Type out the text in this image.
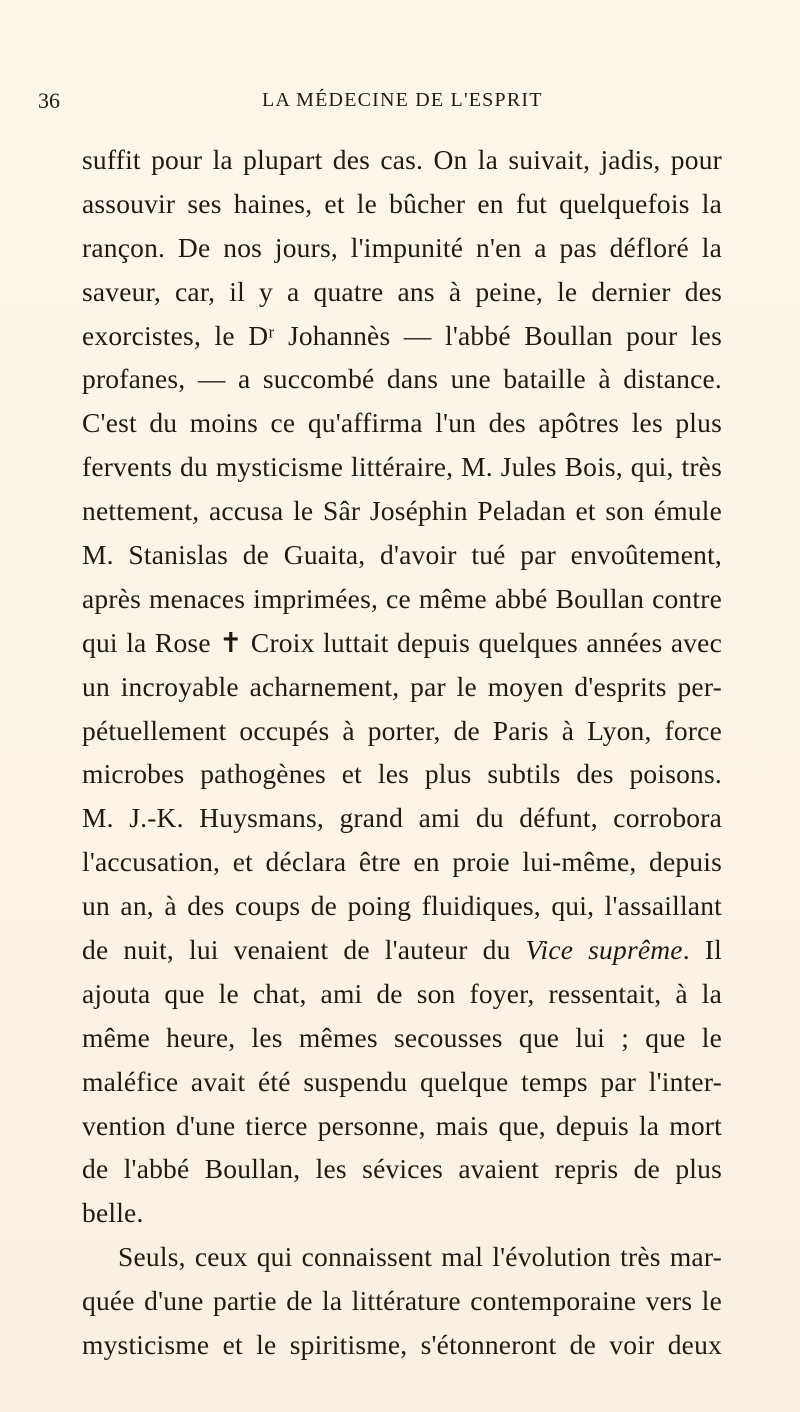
36	LA MÉDECINE DE L'ESPRIT
suffit pour la plupart des cas. On la suivait, jadis, pour
assouvir ses haines, et le bûcher en fut quelquefois la
rançon. De nos jours, l'impunité n'en a pas défloré la
saveur, car, il y a quatre ans à peine, le dernier des
exorcistes, le Dʳ Johannès — l'abbé Boullan pour les
profanes, — a succombé dans une bataille à distance.
C'est du moins ce qu'affirma l'un des apôtres les plus
fervents du mysticisme littéraire, M. Jules Bois, qui, très
nettement, accusa le Sâr Joséphin Peladan et son émule
M. Stanislas de Guaita, d'avoir tué par envoûtement,
après menaces imprimées, ce même abbé Boullan contre
qui la Rose ✝ Croix luttait depuis quelques années avec
un incroyable acharnement, par le moyen d'esprits per-
pétuellement occupés à porter, de Paris à Lyon, force
microbes pathogènes et les plus subtils des poisons.
M. J.-K. Huysmans, grand ami du défunt, corrobora
l'accusation, et déclara être en proie lui-même, depuis
un an, à des coups de poing fluidiques, qui, l'assaillant
de nuit, lui venaient de l'auteur du Vice suprême. Il
ajouta que le chat, ami de son foyer, ressentait, à la
même heure, les mêmes secousses que lui ; que le
maléfice avait été suspendu quelque temps par l'inter-
vention d'une tierce personne, mais que, depuis la mort
de l'abbé Boullan, les sévices avaient repris de plus
belle.
Seuls, ceux qui connaissent mal l'évolution très mar-
quée d'une partie de la littérature contemporaine vers le
mysticisme et le spiritisme, s'étonneront de voir deux
